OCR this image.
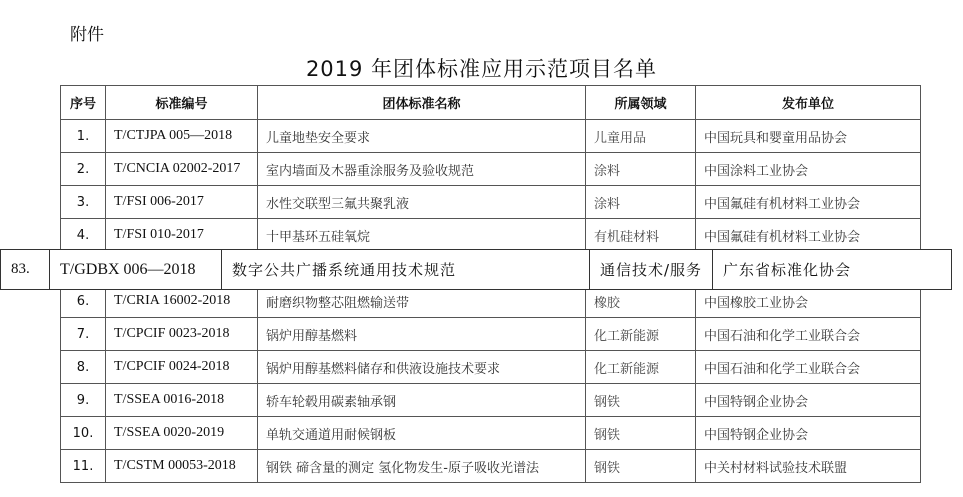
附件
2019 年团体标准应用示范项目名单
序号	标准编号	团体标准名称	所属领域	发布单位
1.	T/CTJPA 005—2018	儿童地垫安全要求	儿童用品	中国玩具和婴童用品协会
2.	T/CNCIA 02002-2017	室内墙面及木器重涂服务及验收规范	涂料	中国涂料工业协会
3.	T/FSI 006-2017	水性交联型三氟共聚乳液	涂料	中国氟硅有机材料工业协会
4.	T/FSI 010-2017	十甲基环五硅氧烷	有机硅材料	中国氟硅有机材料工业协会

6.	T/CRIA 16002-2018	耐磨织物整芯阻燃输送带	橡胶	中国橡胶工业协会
7.	T/CPCIF 0023-2018	锅炉用醇基燃料	化工新能源	中国石油和化学工业联合会
8.	T/CPCIF 0024-2018	锅炉用醇基燃料储存和供液设施技术要求	化工新能源	中国石油和化学工业联合会
9.	T/SSEA 0016-2018	轿车轮毂用碳素轴承钢	钢铁	中国特钢企业协会
10.	T/SSEA 0020-2019	单轨交通道用耐候钢板	钢铁	中国特钢企业协会
11.	T/CSTM 00053-2018	钢铁 碲含量的测定 氢化物发生-原子吸收光谱法	钢铁	中关村材料试验技术联盟
83.	T/GDBX 006—2018	数字公共广播系统通用技术规范	通信技术/服务	广东省标准化协会
